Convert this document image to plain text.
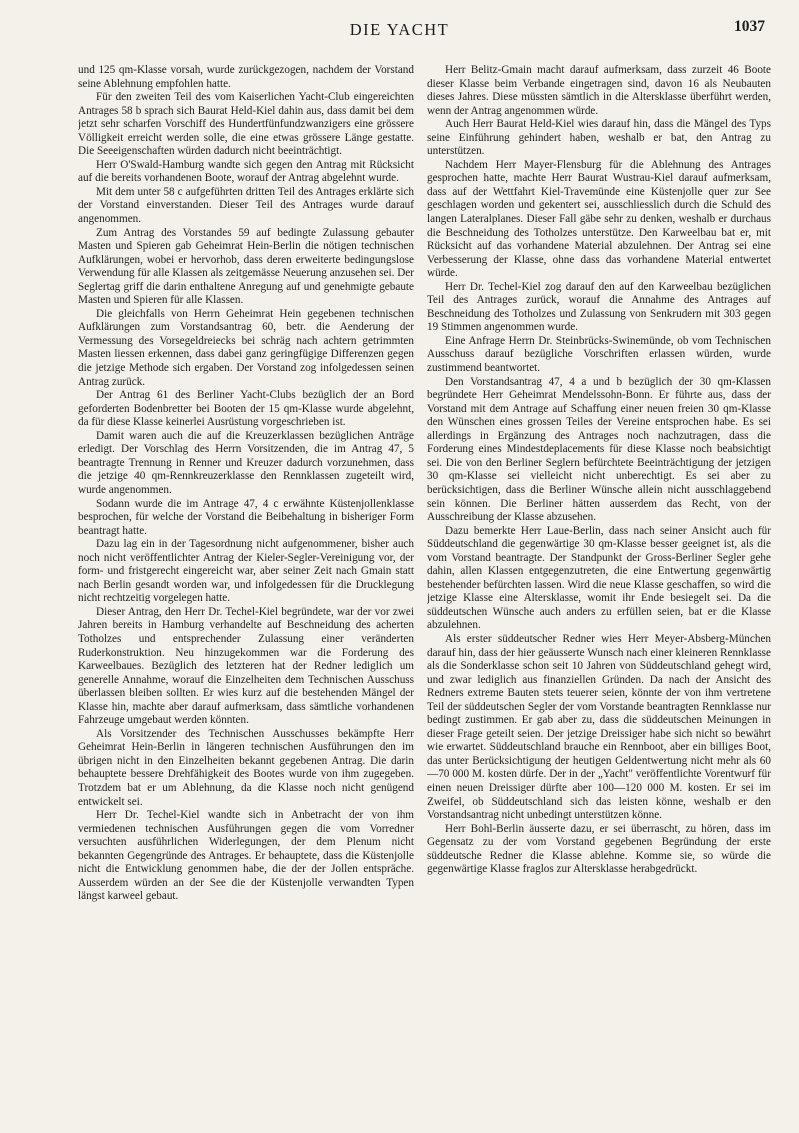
DIE YACHT	1037

und 125 qm-Klasse vorsah, wurde zurückgezogen, nachdem der Vorstand seine Ablehnung empfohlen hatte.

Für den zweiten Teil des vom Kaiserlichen Yacht-Club eingereichten Antrages 58 b sprach sich Baurat Held-Kiel dahin aus, dass damit bei dem jetzt sehr scharfen Vorschiff des Hundertfünfundzwanzigers eine grössere Völligkeit erreicht werden solle, die eine etwas grössere Länge gestatte. Die Seeeigenschaften würden dadurch nicht beeinträchtigt.

Herr O'Swald-Hamburg wandte sich gegen den Antrag mit Rücksicht auf die bereits vorhandenen Boote, worauf der Antrag abgelehnt wurde.

Mit dem unter 58 c aufgeführten dritten Teil des Antrages erklärte sich der Vorstand einverstanden. Dieser Teil des Antrages wurde darauf angenommen.

Zum Antrag des Vorstandes 59 auf bedingte Zulassung gebauter Masten und Spieren gab Geheimrat Hein-Berlin die nötigen technischen Aufklärungen, wobei er hervorhob, dass deren erweiterte bedingungslose Verwendung für alle Klassen als zeitgemässe Neuerung anzusehen sei. Der Seglertag griff die darin enthaltene Anregung auf und genehmigte gebaute Masten und Spieren für alle Klassen.

Die gleichfalls von Herrn Geheimrat Hein gegebenen technischen Aufklärungen zum Vorstandsantrag 60, betr. die Aenderung der Vermessung des Vorsegeldreiecks bei schräg nach achtern getrimmten Masten liessen erkennen, dass dabei ganz geringfügige Differenzen gegen die jetzige Methode sich ergaben. Der Vorstand zog infolgedessen seinen Antrag zurück.

Der Antrag 61 des Berliner Yacht-Clubs bezüglich der an Bord geforderten Bodenbretter bei Booten der 15 qm-Klasse wurde abgelehnt, da für diese Klasse keinerlei Ausrüstung vorgeschrieben ist.

Damit waren auch die auf die Kreuzerklassen bezüglichen Anträge erledigt. Der Vorschlag des Herrn Vorsitzenden, die im Antrag 47, 5 beantragte Trennung in Renner und Kreuzer dadurch vorzunehmen, dass die jetzige 40 qm-Rennkreuzerklasse den Rennklassen zugeteilt wird, wurde angenommen.

Sodann wurde die im Antrage 47, 4 c erwähnte Küstenjollenklasse besprochen, für welche der Vorstand die Beibehaltung in bisheriger Form beantragt hatte.

Dazu lag ein in der Tagesordnung nicht aufgenommener, bisher auch noch nicht veröffentlichter Antrag der Kieler-Segler-Vereinigung vor, der form- und fristgerecht eingereicht war, aber seiner Zeit nach Gmain statt nach Berlin gesandt worden war, und infolgedessen für die Drucklegung nicht rechtzeitig vorgelegen hatte.

Dieser Antrag, den Herr Dr. Techel-Kiel begründete, war der vor zwei Jahren bereits in Hamburg verhandelte auf Beschneidung des acherten Totholzes und entsprechender Zulassung einer veränderten Ruderkonstruktion. Neu hinzugekommen war die Forderung des Karweelbaues. Bezüglich des letzteren hat der Redner lediglich um generelle Annahme, worauf die Einzelheiten dem Technischen Ausschuss überlassen bleiben sollten. Er wies kurz auf die bestehenden Mängel der Klasse hin, machte aber darauf aufmerksam, dass sämtliche vorhandenen Fahrzeuge umgebaut werden könnten.

Als Vorsitzender des Technischen Ausschusses bekämpfte Herr Geheimrat Hein-Berlin in längeren technischen Ausführungen den im übrigen nicht in den Einzelheiten bekannt gegebenen Antrag. Die darin behauptete bessere Drehfähigkeit des Bootes wurde von ihm zugegeben. Trotzdem bat er um Ablehnung, da die Klasse noch nicht genügend entwickelt sei.

Herr Dr. Techel-Kiel wandte sich in Anbetracht der von ihm vermiedenen technischen Ausführungen gegen die vom Vorredner versuchten ausführlichen Widerlegungen, der dem Plenum nicht bekannten Gegengründe des Antrages. Er behauptete, dass die Küstenjolle nicht die Entwicklung genommen habe, die der der Jollen entspräche. Ausserdem würden an der See die der Küstenjolle verwandten Typen längst karweel gebaut.

Herr Belitz-Gmain macht darauf aufmerksam, dass zurzeit 46 Boote dieser Klasse beim Verbande eingetragen sind, davon 16 als Neubauten dieses Jahres. Diese müssten sämtlich in die Altersklasse überführt werden, wenn der Antrag angenommen würde.

Auch Herr Baurat Held-Kiel wies darauf hin, dass die Mängel des Typs seine Einführung gehindert haben, weshalb er bat, den Antrag zu unterstützen.

Nachdem Herr Mayer-Flensburg für die Ablehnung des Antrages gesprochen hatte, machte Herr Baurat Wustrau-Kiel darauf aufmerksam, dass auf der Wettfahrt Kiel-Travemünde eine Küstenjolle quer zur See geschlagen worden und gekentert sei, ausschliesslich durch die Schuld des langen Lateralplanes. Dieser Fall gäbe sehr zu denken, weshalb er durchaus die Beschneidung des Totholzes unterstütze. Den Karweelbau bat er, mit Rücksicht auf das vorhandene Material abzulehnen. Der Antrag sei eine Verbesserung der Klasse, ohne dass das vorhandene Material entwertet würde.

Herr Dr. Techel-Kiel zog darauf den auf den Karweelbau bezüglichen Teil des Antrages zurück, worauf die Annahme des Antrages auf Beschneidung des Totholzes und Zulassung von Senkrudern mit 303 gegen 19 Stimmen angenommen wurde.

Eine Anfrage Herrn Dr. Steinbrücks-Swinemünde, ob vom Technischen Ausschuss darauf bezügliche Vorschriften erlassen würden, wurde zustimmend beantwortet.

Den Vorstandsantrag 47, 4 a und b bezüglich der 30 qm-Klassen begründete Herr Geheimrat Mendelssohn-Bonn. Er führte aus, dass der Vorstand mit dem Antrage auf Schaffung einer neuen freien 30 qm-Klasse den Wünschen eines grossen Teiles der Vereine entsprochen habe. Es sei allerdings in Ergänzung des Antrages noch nachzutragen, dass die Forderung eines Mindestdeplacements für diese Klasse noch beabsichtigt sei. Die von den Berliner Seglern befürchtete Beeinträchtigung der jetzigen 30 qm-Klasse sei vielleicht nicht unberechtigt. Es sei aber zu berücksichtigen, dass die Berliner Wünsche allein nicht ausschlaggebend sein können. Die Berliner hätten ausserdem das Recht, von der Ausschreibung der Klasse abzusehen.

Dazu bemerkte Herr Laue-Berlin, dass nach seiner Ansicht auch für Süddeutschland die gegenwärtige 30 qm-Klasse besser geeignet ist, als die vom Vorstand beantragte. Der Standpunkt der Gross-Berliner Segler gehe dahin, allen Klassen entgegenzutreten, die eine Entwertung gegenwärtig bestehender befürchten lassen. Wird die neue Klasse geschaffen, so wird die jetzige Klasse eine Altersklasse, womit ihr Ende besiegelt sei. Da die süddeutschen Wünsche auch anders zu erfüllen seien, bat er die Klasse abzulehnen.

Als erster süddeutscher Redner wies Herr Meyer-Absberg-München darauf hin, dass der hier geäusserte Wunsch nach einer kleineren Rennklasse als die Sonderklasse schon seit 10 Jahren von Süddeutschland gehegt wird, und zwar lediglich aus finanziellen Gründen. Da nach der Ansicht des Redners extreme Bauten stets teuerer seien, könnte der von ihm vertretene Teil der süddeutschen Segler der vom Vorstande beantragten Rennklasse nur bedingt zustimmen. Er gab aber zu, dass die süddeutschen Meinungen in dieser Frage geteilt seien. Der jetzige Dreissiger habe sich nicht so bewährt wie erwartet. Süddeutschland brauche ein Rennboot, aber ein billiges Boot, das unter Berücksichtigung der heutigen Geldentwertung nicht mehr als 60—70 000 M. kosten dürfe. Der in der „Yacht" veröffentlichte Vorentwurf für einen neuen Dreissiger dürfte aber 100—120 000 M. kosten. Er sei im Zweifel, ob Süddeutschland sich das leisten könne, weshalb er den Vorstandsantrag nicht unbedingt unterstützen könne.

Herr Bohl-Berlin äusserte dazu, er sei überrascht, zu hören, dass im Gegensatz zu der vom Vorstand gegebenen Begründung der erste süddeutsche Redner die Klasse ablehne. Komme sie, so würde die gegenwärtige Klasse fraglos zur Altersklasse herabgedrückt.
